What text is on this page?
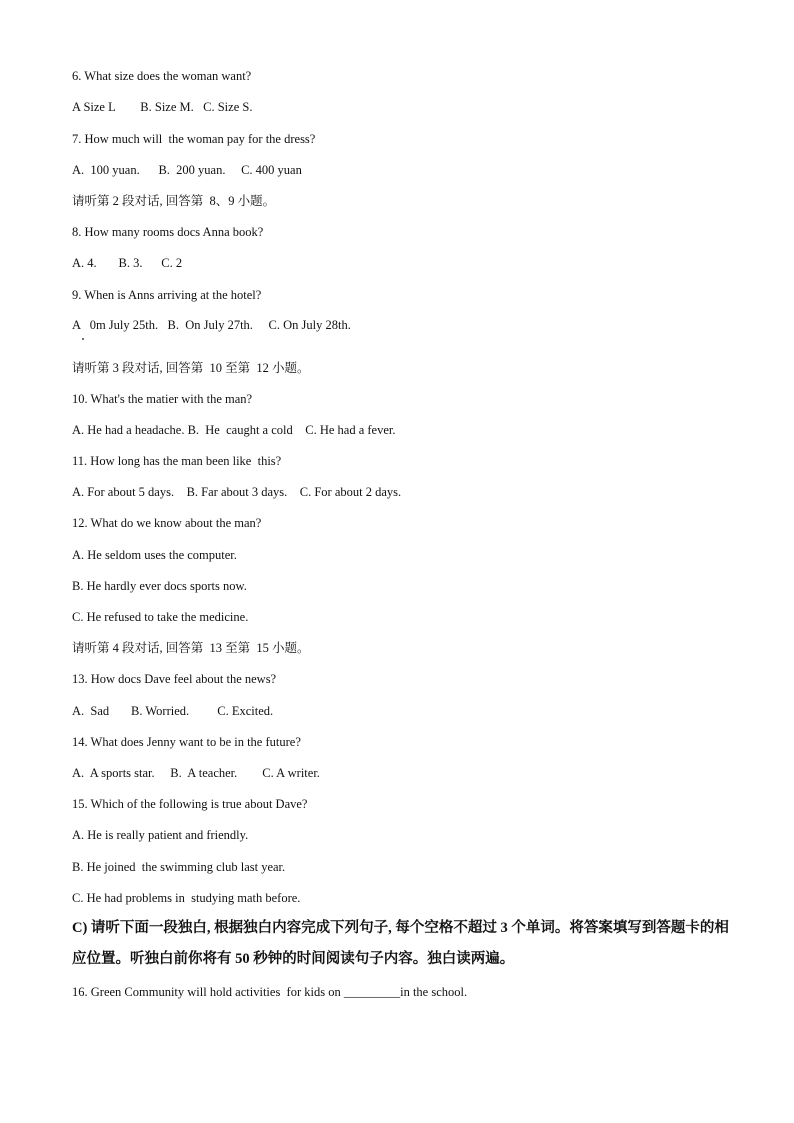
6. What size does the woman want?
A Size L        B. Size M.   C. Size S.
7. How much will  the woman pay for the dress?
A.  100 yuan.      B.  200 yuan.     C. 400 yuan
请听第 2 段对话, 回答第  8、9 小题。
8. How many rooms docs Anna book?
A. 4.       B. 3.      C. 2
9. When is Anns arriving at the hotel?
A   0m July 25th.   B.  On July 27th.     C. On July 28th.
请听第 3 段对话, 回答第  10 至第  12 小题。
10. What's the matier with the man?
A. He had a headache. B.  He  caught a cold    C. He had a fever.
11. How long has the man been like  this?
A. For about 5 days.    B. Far about 3 days.    C. For about 2 days.
12. What do we know about the man?
A. He seldom uses the computer.
B. He hardly ever docs sports now.
C. He refused to take the medicine.
请听第 4 段对话, 回答第  13 至第  15 小题。
13. How docs Dave feel about the news?
A.  Sad       B. Worried.         C. Excited.
14. What does Jenny want to be in the future?
A.  A sports star.     B.  A teacher.        C. A writer.
15. Which of the following is true about Dave?
A. He is really patient and friendly.
B. He joined  the swimming club last year.
C. He had problems in  studying math before.
C) 请听下面一段独白, 根据独白内容完成下列句子, 每个空格不超过 3 个单词。将答案填写到答题卡的相应位置。听独白前你将有 50 秒钟的时间阅读句子内容。独白读两遍。
16. Green Community will hold activities  for kids on _________in the school.
